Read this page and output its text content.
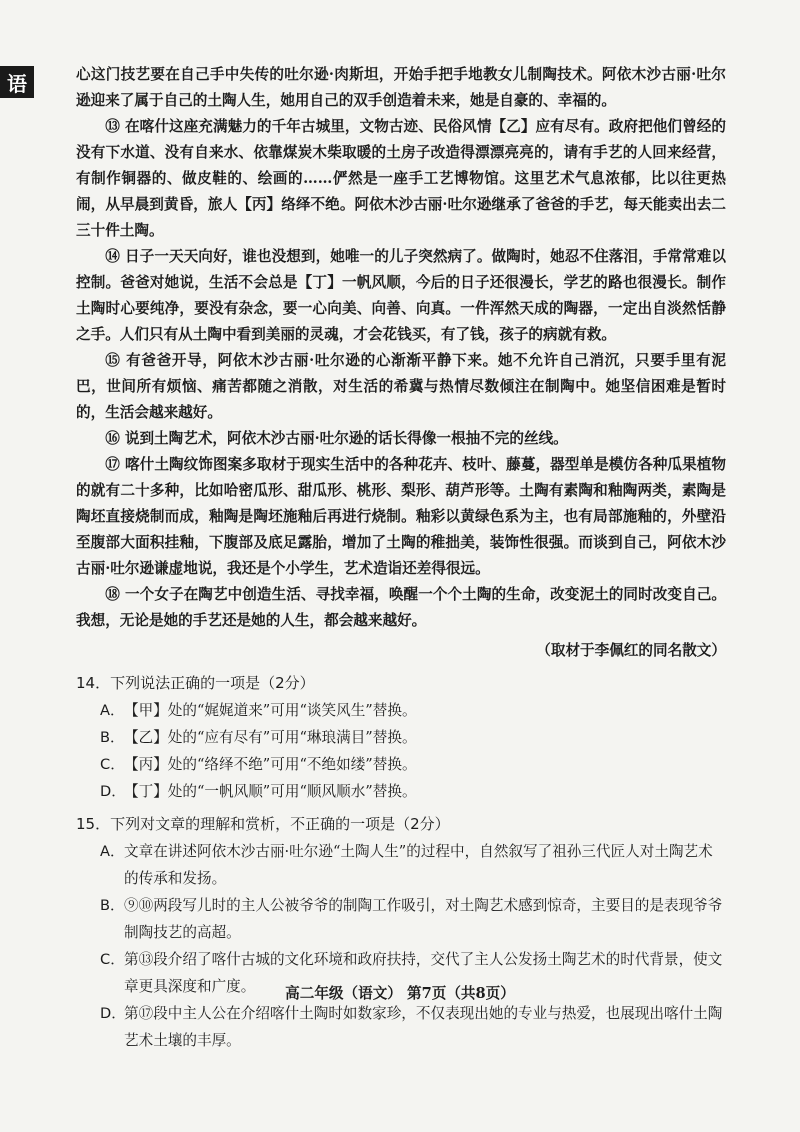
语	心这门技艺要在自己手中失传的吐尔逊·肉斯坦，开始手把手地教女儿制陶技术。阿依木沙古丽·吐尔逊迎来了属于自己的土陶人生，她用自己的双手创造着未来，她是自豪的、幸福的。

⑬ 在喀什这座充满魅力的千年古城里，文物古迹、民俗风情【乙】应有尽有。政府把他们曾经的没有下水道、没有自来水、依靠煤炭木柴取暖的土房子改造得漂漂亮亮的，请有手艺的人回来经营，有制作铜器的、做皮鞋的、绘画的……俨然是一座手工艺博物馆。这里艺术气息浓郁，比以往更热闹，从早晨到黄昏，旅人【丙】络绎不绝。阿依木沙古丽·吐尔逊继承了爸爸的手艺，每天能卖出去二三十件土陶。

⑭ 日子一天天向好，谁也没想到，她唯一的儿子突然病了。做陶时，她忍不住落泪，手常常难以控制。爸爸对她说，生活不会总是【丁】一帆风顺，今后的日子还很漫长，学艺的路也很漫长。制作土陶时心要纯净，要没有杂念，要一心向美、向善、向真。一件浑然天成的陶器，一定出自淡然恬静之手。人们只有从土陶中看到美丽的灵魂，才会花钱买，有了钱，孩子的病就有救。

⑮ 有爸爸开导，阿依木沙古丽·吐尔逊的心渐渐平静下来。她不允许自己消沉，只要手里有泥巴，世间所有烦恼、痛苦都随之消散，对生活的希冀与热情尽数倾注在制陶中。她坚信困难是暂时的，生活会越来越好。

⑯ 说到土陶艺术，阿依木沙古丽·吐尔逊的话长得像一根抽不完的丝线。

⑰ 喀什土陶纹饰图案多取材于现实生活中的各种花卉、枝叶、藤蔓，器型单是模仿各种瓜果植物的就有二十多种，比如哈密瓜形、甜瓜形、桃形、梨形、葫芦形等。土陶有素陶和釉陶两类，素陶是陶坯直接烧制而成，釉陶是陶坯施釉后再进行烧制。釉彩以黄绿色系为主，也有局部施釉的，外壁沿至腹部大面积挂釉，下腹部及底足露胎，增加了土陶的稚拙美，装饰性很强。而谈到自己，阿依木沙古丽·吐尔逊谦虚地说，我还是个小学生，艺术造诣还差得很远。

⑱ 一个女子在陶艺中创造生活、寻找幸福，唤醒一个个土陶的生命，改变泥土的同时改变自己。我想，无论是她的手艺还是她的人生，都会越来越好。

（取材于李佩红的同名散文）

14．下列说法正确的一项是（2分）

A．【甲】处的“娓娓道来”可用“谈笑风生”替换。

B．【乙】处的“应有尽有”可用“琳琅满目”替换。

C．【丙】处的“络绎不绝”可用“不绝如缕”替换。

D．【丁】处的“一帆风顺”可用“顺风顺水”替换。

15．下列对文章的理解和赏析，不正确的一项是（2分）

A．文章在讲述阿依木沙古丽·吐尔逊“土陶人生”的过程中，自然叙写了祖孙三代匠人对土陶艺术的传承和发扬。

B．⑨⑩两段写儿时的主人公被爷爷的制陶工作吸引，对土陶艺术感到惊奇，主要目的是表现爷爷制陶技艺的高超。

C．第⑬段介绍了喀什古城的文化环境和政府扶持，交代了主人公发扬土陶艺术的时代背景，使文章更具深度和广度。

D．第⑰段中主人公在介绍喀什土陶时如数家珍，不仅表现出她的专业与热爱，也展现出喀什土陶艺术土壤的丰厚。

高二年级（语文） 第7页（共8页）
